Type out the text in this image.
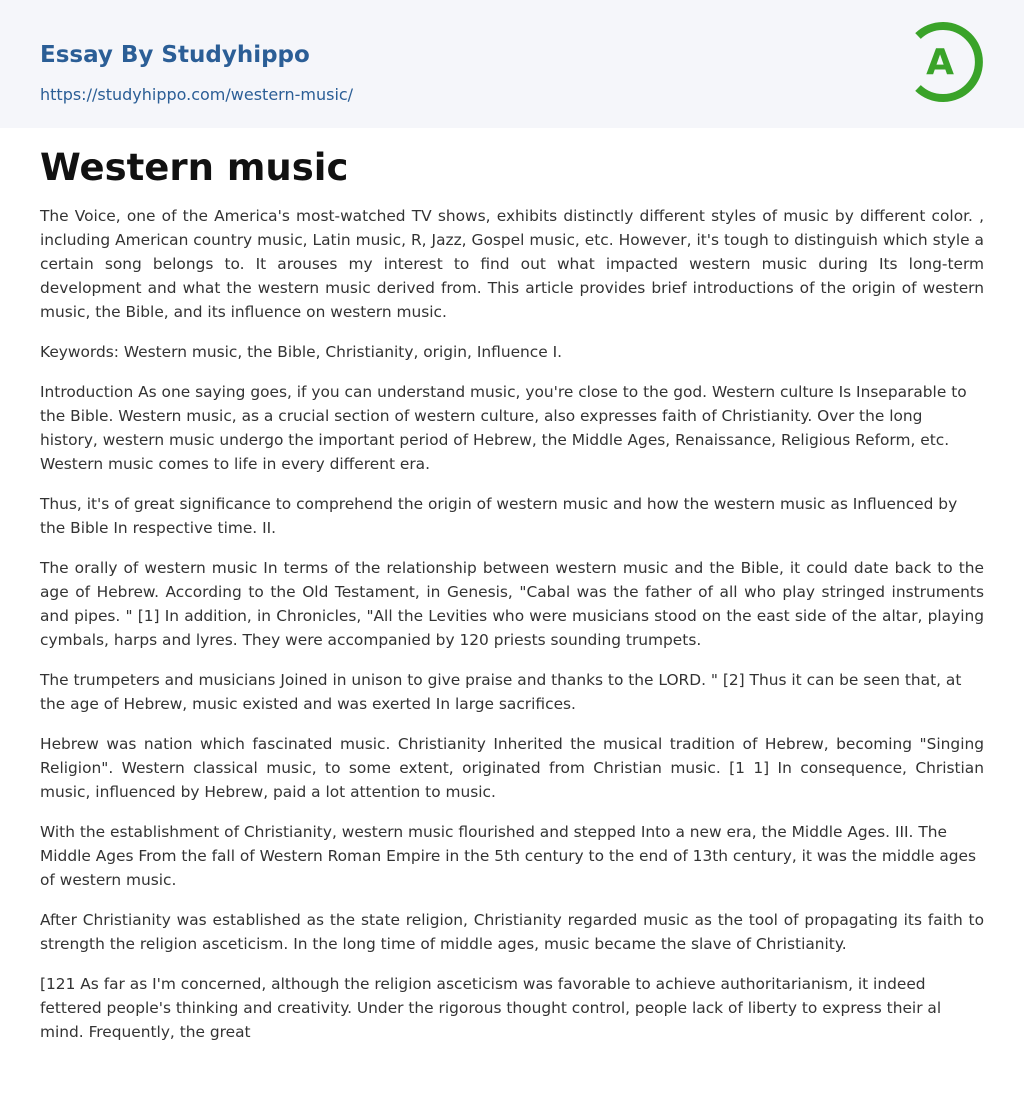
Essay By Studyhippo
https://studyhippo.com/western-music/
A
Western music

The Voice, one of the America's most-watched TV shows, exhibits distinctly different styles of music by different color. , including American country music, Latin music, R, Jazz, Gospel music, etc. However, it's tough to distinguish which style a certain song belongs to. It arouses my interest to find out what impacted western music during Its long-term development and what the western music derived from. This article provides brief introductions of the origin of western music, the Bible, and its influence on western music.

Keywords: Western music, the Bible, Christianity, origin, Influence I.

Introduction As one saying goes, if you can understand music, you're close to the god. Western culture Is Inseparable to the Bible. Western music, as a crucial section of western culture, also expresses faith of Christianity. Over the long history, western music undergo the important period of Hebrew, the Middle Ages, Renaissance, Religious Reform, etc. Western music comes to life in every different era.

Thus, it's of great significance to comprehend the origin of western music and how the western music as Influenced by the Bible In respective time. II.

The orally of western music In terms of the relationship between western music and the Bible, it could date back to the age of Hebrew. According to the Old Testament, in Genesis, "Cabal was the father of all who play stringed instruments and pipes. " [1] In addition, in Chronicles, "All the Levities who were musicians stood on the east side of the altar, playing cymbals, harps and lyres. They were accompanied by 120 priests sounding trumpets.

The trumpeters and musicians Joined in unison to give praise and thanks to the LORD. " [2] Thus it can be seen that, at the age of Hebrew, music existed and was exerted In large sacrifices.

Hebrew was nation which fascinated music. Christianity Inherited the musical tradition of Hebrew, becoming "Singing Religion". Western classical music, to some extent, originated from Christian music. [1 1] In consequence, Christian music, influenced by Hebrew, paid a lot attention to music.

With the establishment of Christianity, western music flourished and stepped Into a new era, the Middle Ages. III. The Middle Ages From the fall of Western Roman Empire in the 5th century to the end of 13th century, it was the middle ages of western music.

After Christianity was established as the state religion, Christianity regarded music as the tool of propagating its faith to strength the religion asceticism. In the long time of middle ages, music became the slave of Christianity.

[121 As far as I'm concerned, although the religion asceticism was favorable to achieve authoritarianism, it indeed fettered people's thinking and creativity. Under the rigorous thought control, people lack of liberty to express their al mind. Frequently, the great
